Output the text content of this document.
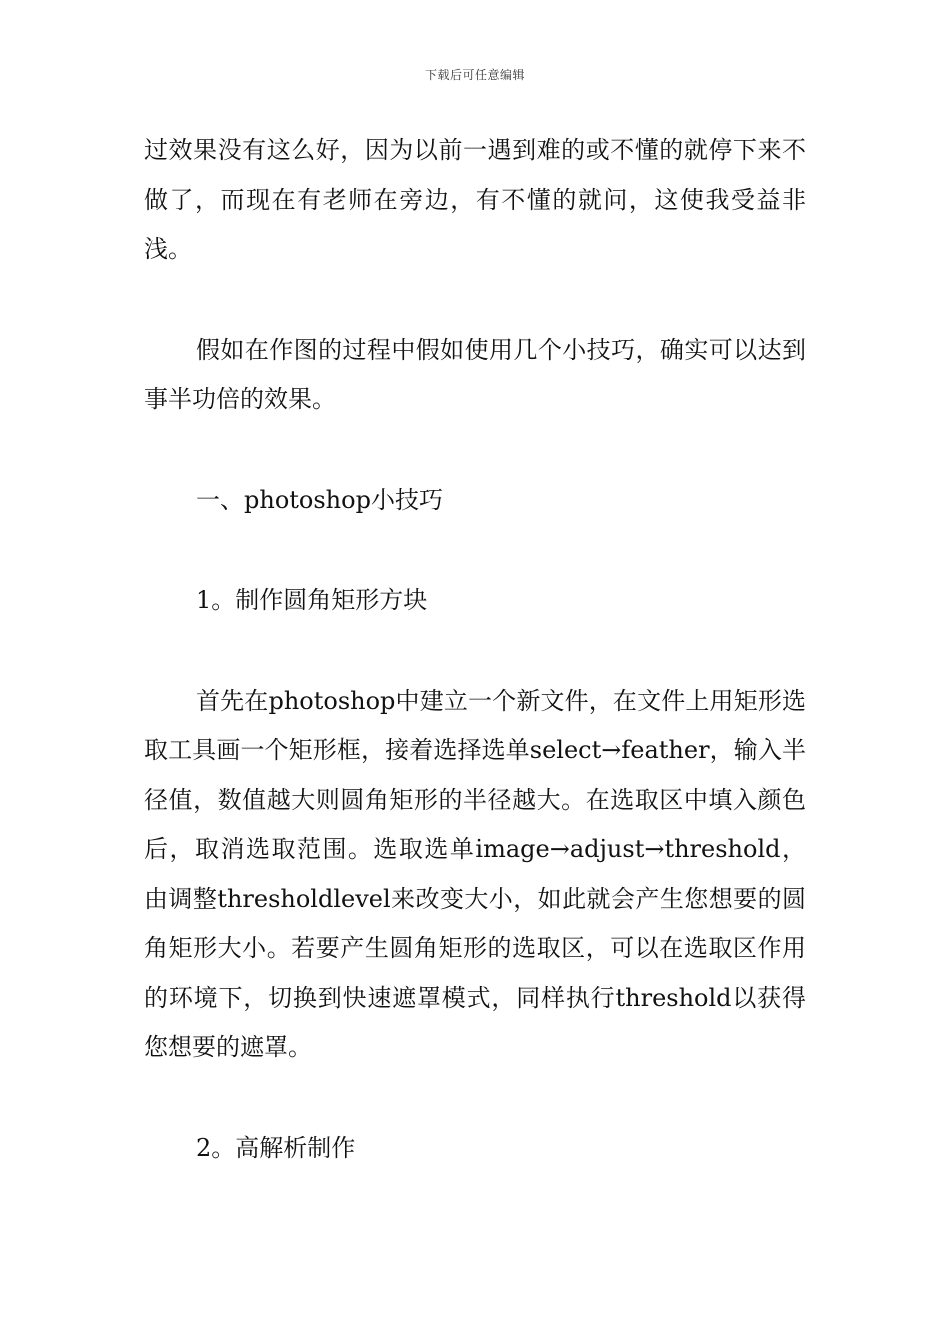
下载后可任意编辑

过效果没有这么好，因为以前一遇到难的或不懂的就停下来不做了，而现在有老师在旁边，有不懂的就问，这使我受益非浅。

假如在作图的过程中假如使用几个小技巧，确实可以达到事半功倍的效果。

一、photoshop小技巧

1。制作圆角矩形方块

首先在photoshop中建立一个新文件，在文件上用矩形选取工具画一个矩形框，接着选择选单select→feather，输入半径值，数值越大则圆角矩形的半径越大。在选取区中填入颜色后，取消选取范围。选取选单image→adjust→threshold，由调整thresholdlevel来改变大小，如此就会产生您想要的圆角矩形大小。若要产生圆角矩形的选取区，可以在选取区作用的环境下，切换到快速遮罩模式，同样执行threshold以获得您想要的遮罩。

2。高解析制作
